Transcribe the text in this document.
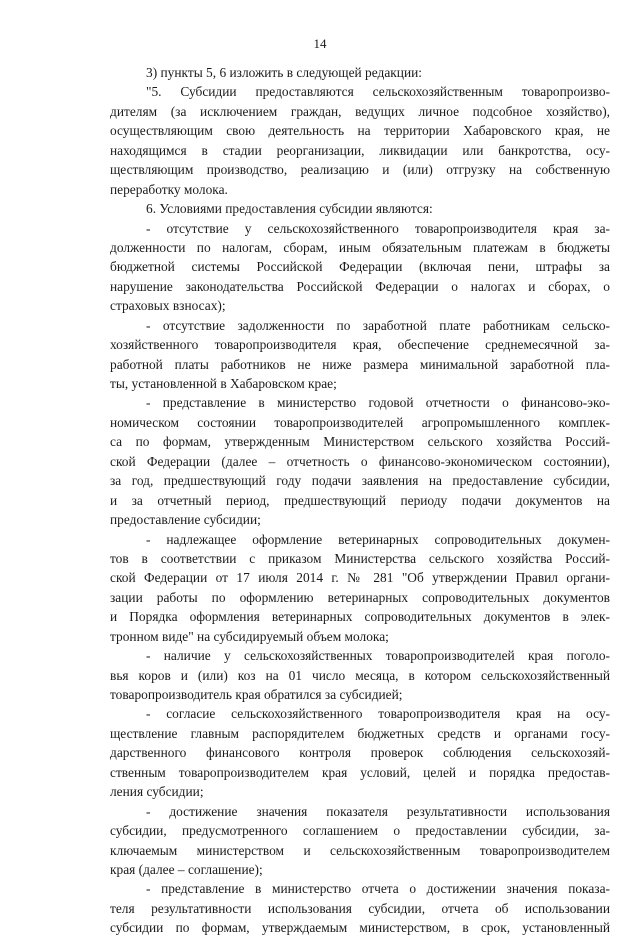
14
3) пункты 5, 6 изложить в следующей редакции:
"5. Субсидии предоставляются сельскохозяйственным товаропроизво-
дителям (за исключением граждан, ведущих личное подсобное хозяйство),
осуществляющим свою деятельность на территории Хабаровского края, не
находящимся в стадии реорганизации, ликвидации или банкротства, осу-
ществляющим производство, реализацию и (или) отгрузку на собственную
переработку молока.
6. Условиями предоставления субсидии являются:
- отсутствие у сельскохозяйственного товаропроизводителя края за-
долженности по налогам, сборам, иным обязательным платежам в бюджеты
бюджетной системы Российской Федерации (включая пени, штрафы за
нарушение законодательства Российской Федерации о налогах и сборах, о
страховых взносах);
- отсутствие задолженности по заработной плате работникам сельско-
хозяйственного товаропроизводителя края, обеспечение среднемесячной за-
работной платы работников не ниже размера минимальной заработной пла-
ты, установленной в Хабаровском крае;
- представление в министерство годовой отчетности о финансово-эко-
номическом состоянии товаропроизводителей агропромышленного комплек-
са по формам, утвержденным Министерством сельского хозяйства Россий-
ской Федерации (далее – отчетность о финансово-экономическом состоянии),
за год, предшествующий году подачи заявления на предоставление субсидии,
и за отчетный период, предшествующий периоду подачи документов на
предоставление субсидии;
- надлежащее оформление ветеринарных сопроводительных докумен-
тов в соответствии с приказом Министерства сельского хозяйства Россий-
ской Федерации от 17 июля 2014 г. № 281 "Об утверждении Правил органи-
зации работы по оформлению ветеринарных сопроводительных документов
и Порядка оформления ветеринарных сопроводительных документов в элек-
тронном виде" на субсидируемый объем молока;
- наличие у сельскохозяйственных товаропроизводителей края поголо-
вья коров и (или) коз на 01 число месяца, в котором сельскохозяйственный
товаропроизводитель края обратился за субсидией;
- согласие сельскохозяйственного товаропроизводителя края на осу-
ществление главным распорядителем бюджетных средств и органами госу-
дарственного финансового контроля проверок соблюдения сельскохозяй-
ственным товаропроизводителем края условий, целей и порядка предостав-
ления субсидии;
- достижение значения показателя результативности использования
субсидии, предусмотренного соглашением о предоставлении субсидии, за-
ключаемым министерством и сельскохозяйственным товаропроизводителем
края (далее – соглашение);
- представление в министерство отчета о достижении значения показа-
теля результативности использования субсидии, отчета об использовании
субсидии по формам, утверждаемым министерством, в срок, установленный
